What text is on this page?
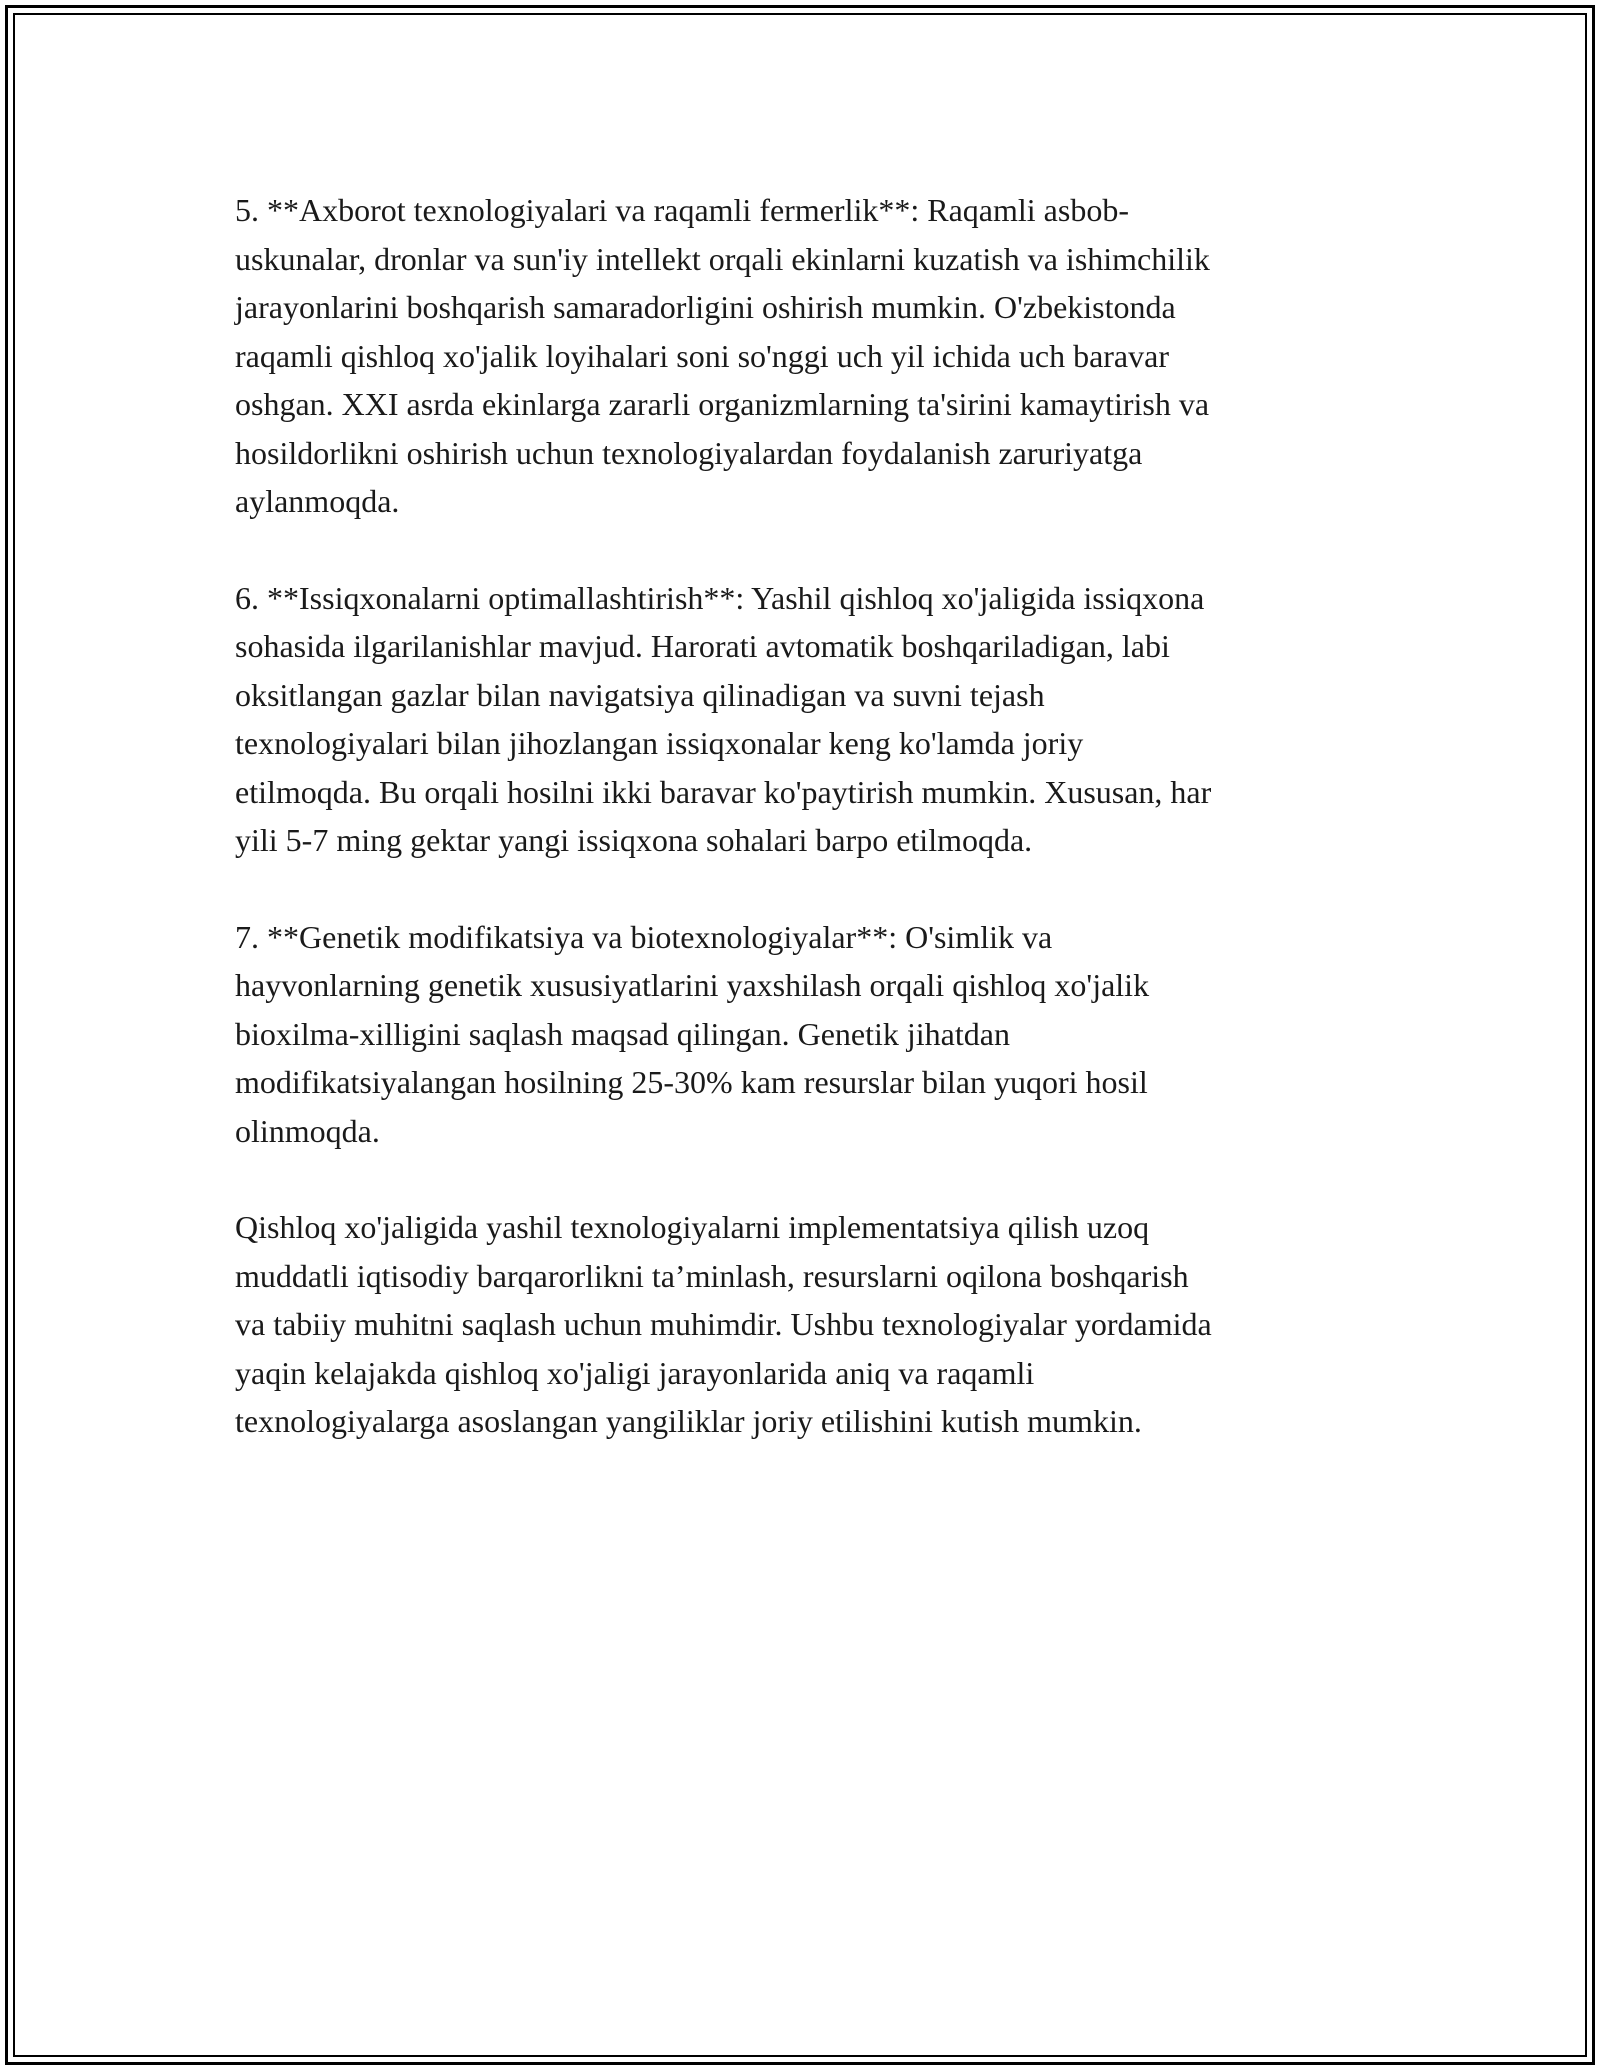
5. **Axborot texnologiyalari va raqamli fermerlik**: Raqamli asbob-
uskunalar, dronlar va sun'iy intellekt orqali ekinlarni kuzatish va ishimchilik
jarayonlarini boshqarish samaradorligini oshirish mumkin. O'zbekistonda
raqamli qishloq xo'jalik loyihalari soni so'nggi uch yil ichida uch baravar
oshgan. XXI asrda ekinlarga zararli organizmlarning ta'sirini kamaytirish va
hosildorlikni oshirish uchun texnologiyalardan foydalanish zaruriyatga
aylanmoqda.

6. **Issiqxonalarni optimallashtirish**: Yashil qishloq xo'jaligida issiqxona
sohasida ilgarilanishlar mavjud. Harorati avtomatik boshqariladigan, labi
oksitlangan gazlar bilan navigatsiya qilinadigan va suvni tejash
texnologiyalari bilan jihozlangan issiqxonalar keng ko'lamda joriy
etilmoqda. Bu orqali hosilni ikki baravar ko'paytirish mumkin. Xususan, har
yili 5-7 ming gektar yangi issiqxona sohalari barpo etilmoqda.

7. **Genetik modifikatsiya va biotexnologiyalar**: O'simlik va
hayvonlarning genetik xususiyatlarini yaxshilash orqali qishloq xo'jalik
bioxilma-xilligini saqlash maqsad qilingan. Genetik jihatdan
modifikatsiyalangan hosilning 25-30% kam resurslar bilan yuqori hosil
olinmoqda.

Qishloq xo'jaligida yashil texnologiyalarni implementatsiya qilish uzoq
muddatli iqtisodiy barqarorlikni ta’minlash, resurslarni oqilona boshqarish
va tabiiy muhitni saqlash uchun muhimdir. Ushbu texnologiyalar yordamida
yaqin kelajakda qishloq xo'jaligi jarayonlarida aniq va raqamli
texnologiyalarga asoslangan yangiliklar joriy etilishini kutish mumkin.
